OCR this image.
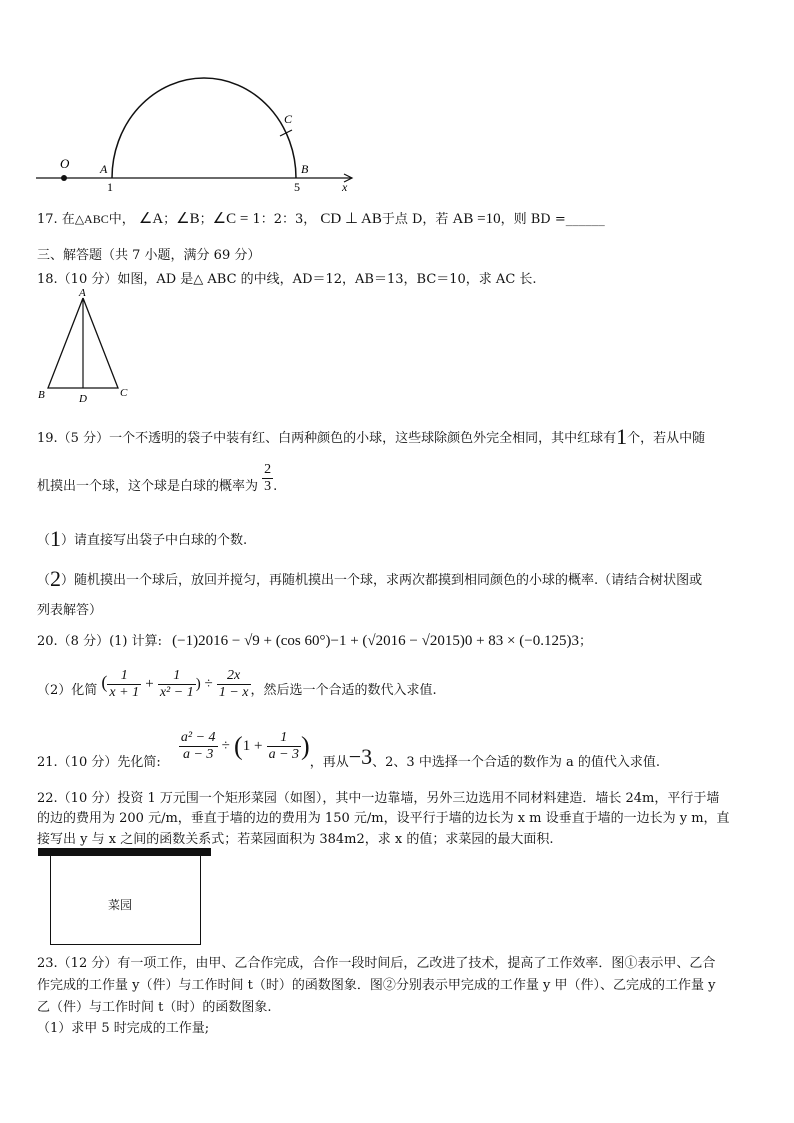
O	A	B
C
1	5	x
17. 在△ABC中， ∠A；∠B；∠C = 1：2：3， CD ⊥ AB于点 D，若 AB =10，则 BD =______
三、解答题（共 7 小题，满分 69 分）
18.（10 分）如图，AD 是△ ABC 的中线，AD＝12，AB＝13，BC＝10，求 AC 长.
A
B	C
D
19.（5 分）一个不透明的袋子中装有红、白两种颜色的小球，这些球除颜色外完全相同，其中红球有1个，若从中随
机摸出一个球，这个球是白球的概率为 $\frac{2}{3}$ .
（1）请直接写出袋子中白球的个数.
（2）随机摸出一个球后，放回并搅匀，再随机摸出一个球，求两次都摸到相同颜色的小球的概率.（请结合树状图或
列表解答）
20.（8 分）(1) 计算: (−1)2016 − √9 + (cos 60°)−1 + (√2016 − √2015)0 + 83 × (−0.125)3；
（2）化简 ( $\frac{1}{x + 1} + \frac{1}{\text{x² − 1}}$ ) ÷ $\frac{2x}{1 - x}$ ，然后选一个合适的数代入求值.
21.（10 分）先化简: $\frac{\text{a² − 4}}{a - 3} \div (1 + \frac{1}{a - 3}$ )，再从−3、2、3 中选择一个合适的数作为 a 的值代入求值.
22.（10 分）投资 1 万元围一个矩形菜园（如图），其中一边靠墙，另外三边选用不同材料建造．墙长 24m，平行于墙
的边的费用为 200 元/m，垂直于墙的边的费用为 150 元/m，设平行于墙的边长为 x m 设垂直于墙的一边长为 y m，直
接写出 y 与 x 之间的函数关系式；若菜园面积为 384m2，求 x 的值；求菜园的最大面积.
菜园
23.（12 分）有一项工作，由甲、乙合作完成，合作一段时间后，乙改进了技术，提高了工作效率．图①表示甲、乙合
作完成的工作量 y（件）与工作时间 t（时）的函数图象．图②分别表示甲完成的工作量 y 甲（件）、乙完成的工作量 y
乙（件）与工作时间 t（时）的函数图象.
（1）求甲 5 时完成的工作量;
